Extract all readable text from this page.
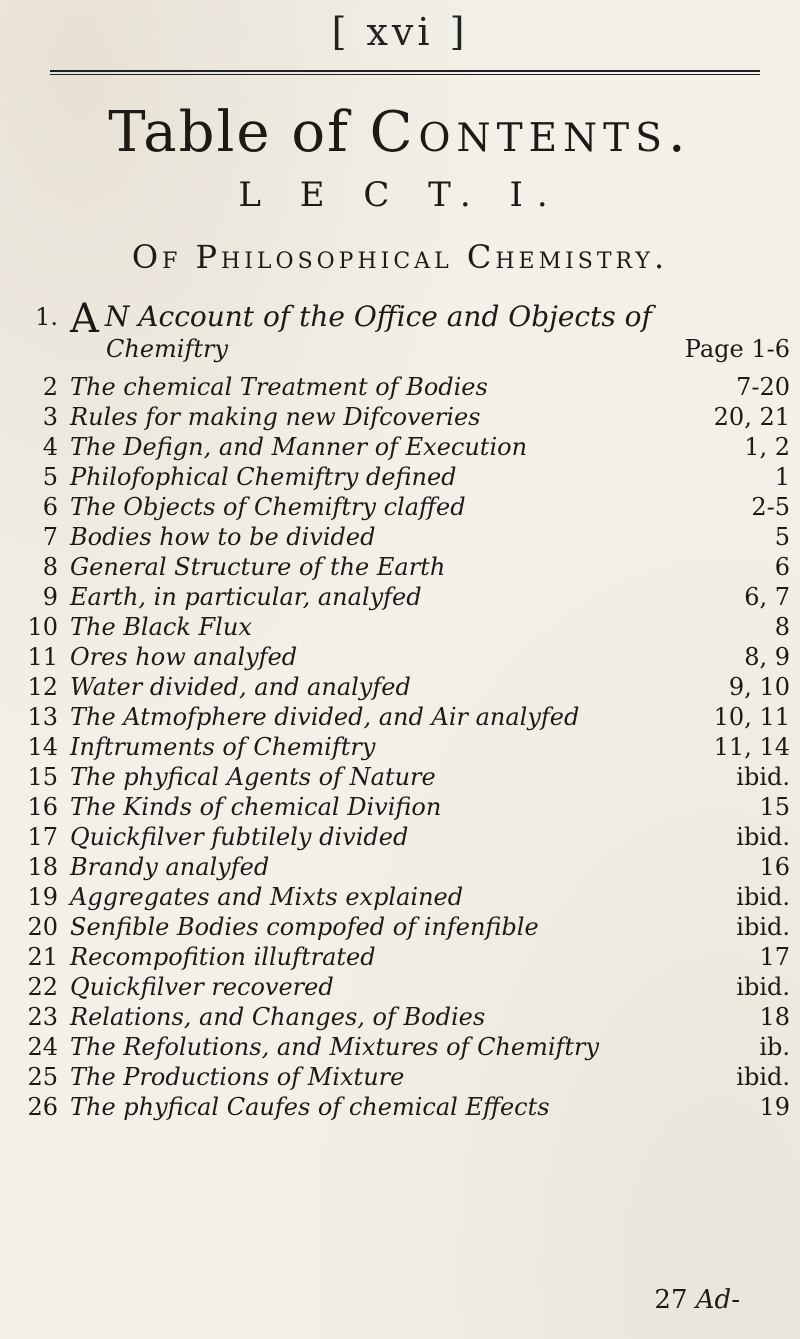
[ xvi ]
Table of Contents.
L E C T. I.
Of Philosophical Chemistry.
1. A N Account of the Office and Objects of
Chemiftry	Page 1-6
2 The chemical Treatment of Bodies	7-20
3 Rules for making new Difcoveries	20, 21
4 The Defign, and Manner of Execution	1, 2
5 Philofophical Chemiftry defined	1
6 The Objects of Chemiftry claffed	2-5
7 Bodies how to be divided	5
8 General Structure of the Earth	6
9 Earth, in particular, analyfed	6, 7
10 The Black Flux	8
11 Ores how analyfed	8, 9
12 Water divided, and analyfed	9, 10
13 The Atmofphere divided, and Air analyfed	10, 11
14 Inftruments of Chemiftry	11, 14
15 The phyfical Agents of Nature	ibid.
16 The Kinds of chemical Divifion	15
17 Quickfilver fubtilely divided	ibid.
18 Brandy analyfed	16
19 Aggregates and Mixts explained	ibid.
20 Senfible Bodies compofed of infenfible	ibid.
21 Recompofition illuftrated	17
22 Quickfilver recovered	ibid.
23 Relations, and Changes, of Bodies	18
24 The Refolutions, and Mixtures of Chemiftry	ib.
25 The Productions of Mixture	ibid.
26 The phyfical Caufes of chemical Effects	19
27 Ad-
